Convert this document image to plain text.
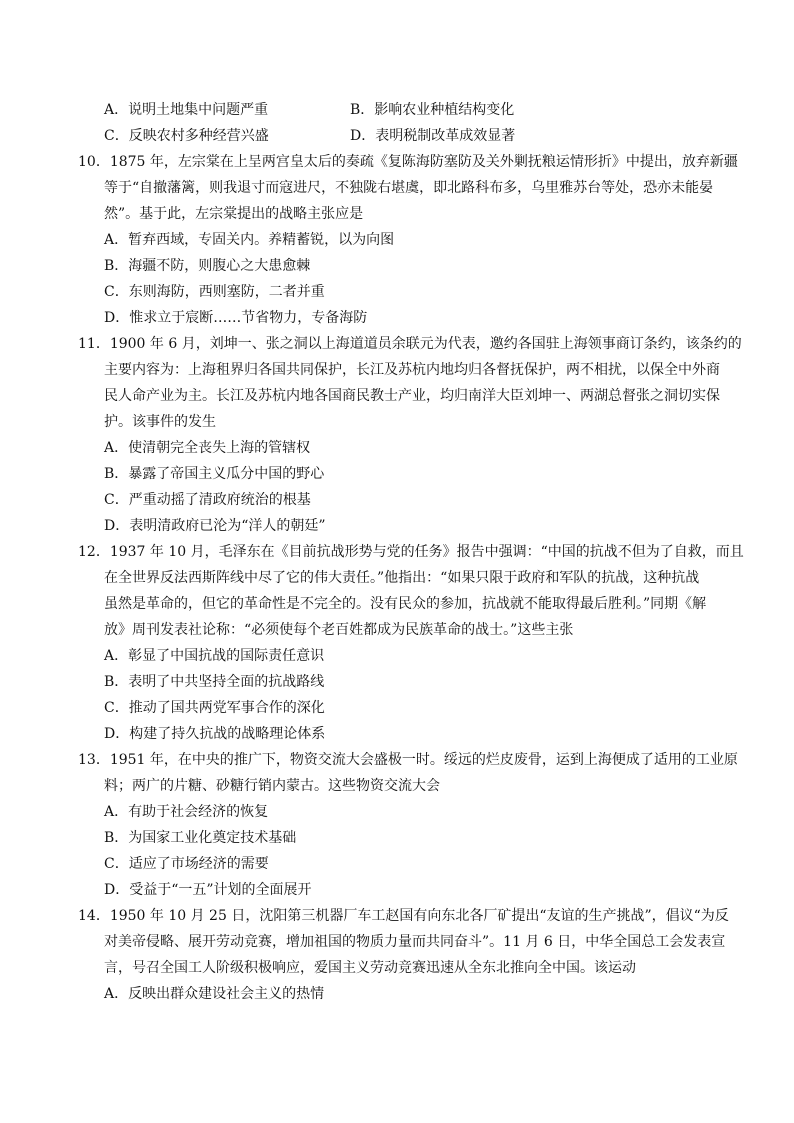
A．说明土地集中问题严重	B．影响农业种植结构变化
C．反映农村多种经营兴盛	D．表明税制改革成效显著
10．1875 年，左宗棠在上呈两宫皇太后的奏疏《复陈海防塞防及关外剿抚粮运情形折》中提出，放弃新疆
等于“自撤藩篱，则我退寸而寇进尺，不独陇右堪虞，即北路科布多，乌里雅苏台等处，恐亦未能晏
然”。基于此，左宗棠提出的战略主张应是
A．暂弃西域，专固关内。养精蓄锐，以为向图
B．海疆不防，则腹心之大患愈棘
C．东则海防，西则塞防，二者并重
D．惟求立于宸断……节省物力，专备海防
11．1900 年 6 月，刘坤一、张之洞以上海道道员余联元为代表，邀约各国驻上海领事商订条约，该条约的
主要内容为：上海租界归各国共同保护，长江及苏杭内地均归各督抚保护，两不相扰，以保全中外商
民人命产业为主。长江及苏杭内地各国商民教士产业，均归南洋大臣刘坤一、两湖总督张之洞切实保
护。该事件的发生
A．使清朝完全丧失上海的管辖权
B．暴露了帝国主义瓜分中国的野心
C．严重动摇了清政府统治的根基
D．表明清政府已沦为“洋人的朝廷”
12．1937 年 10 月，毛泽东在《目前抗战形势与党的任务》报告中强调：“中国的抗战不但为了自救，而且
在全世界反法西斯阵线中尽了它的伟大责任。”他指出：“如果只限于政府和军队的抗战，这种抗战
虽然是革命的，但它的革命性是不完全的。没有民众的参加，抗战就不能取得最后胜利。”同期《解
放》周刊发表社论称：“必须使每个老百姓都成为民族革命的战士。”这些主张
A．彰显了中国抗战的国际责任意识
B．表明了中共坚持全面的抗战路线
C．推动了国共两党军事合作的深化
D．构建了持久抗战的战略理论体系
13．1951 年，在中央的推广下，物资交流大会盛极一时。绥远的烂皮废骨，运到上海便成了适用的工业原
料；两广的片糖、砂糖行销内蒙古。这些物资交流大会
A．有助于社会经济的恢复
B．为国家工业化奠定技术基础
C．适应了市场经济的需要
D．受益于“一五”计划的全面展开
14．1950 年 10 月 25 日，沈阳第三机器厂车工赵国有向东北各厂矿提出“友谊的生产挑战”，倡议“为反
对美帝侵略、展开劳动竞赛，增加祖国的物质力量而共同奋斗”。11 月 6 日，中华全国总工会发表宣
言，号召全国工人阶级积极响应，爱国主义劳动竞赛迅速从全东北推向全中国。该运动
A．反映出群众建设社会主义的热情
